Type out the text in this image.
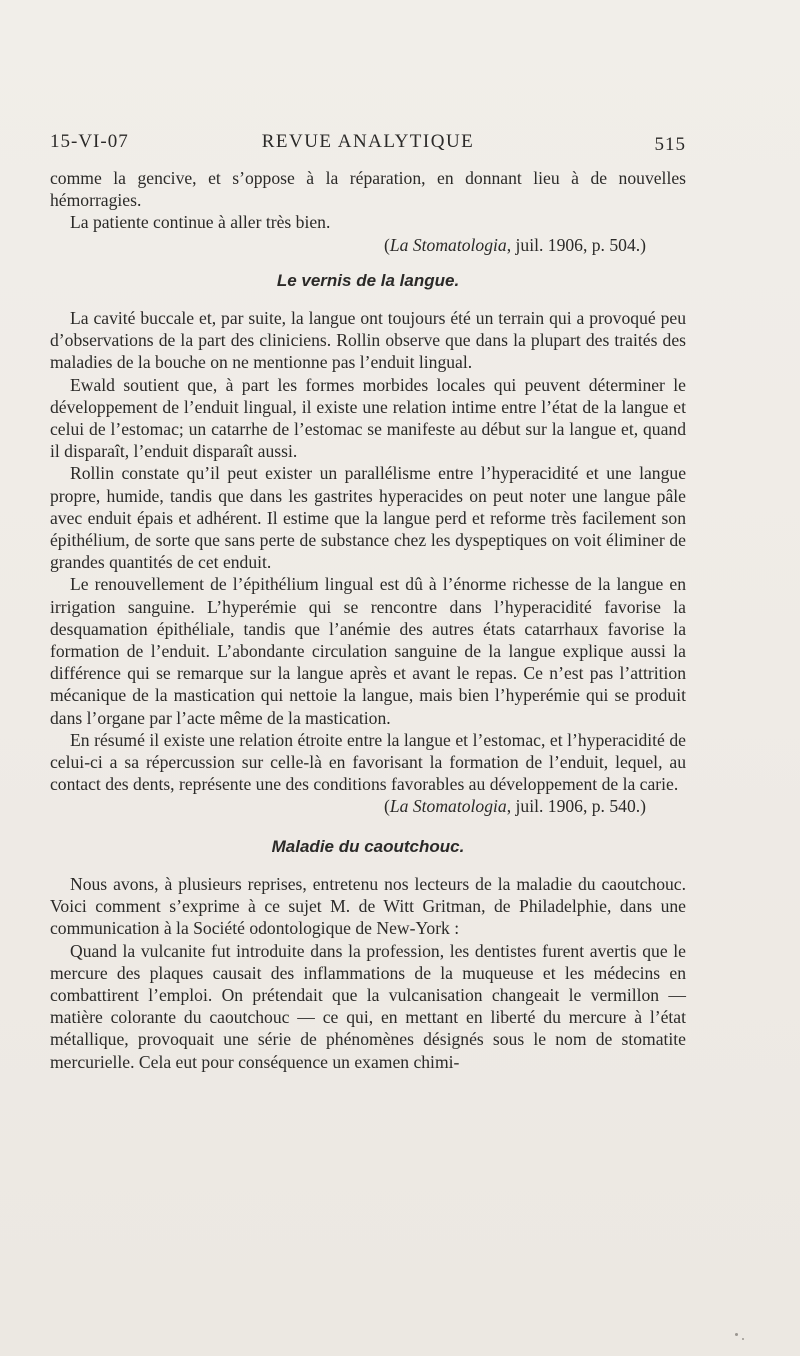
15-VI-07	REVUE ANALYTIQUE	515

comme la gencive, et s’oppose à la réparation, en donnant lieu à de nouvelles hémorragies.

La patiente continue à aller très bien.

(La Stomatologia, juil. 1906, p. 504.)

Le vernis de la langue.

La cavité buccale et, par suite, la langue ont toujours été un terrain qui a provoqué peu d’observations de la part des cliniciens. Rollin observe que dans la plupart des traités des maladies de la bouche on ne mentionne pas l’enduit lingual.

Ewald soutient que, à part les formes morbides locales qui peuvent déterminer le développement de l’enduit lingual, il existe une relation intime entre l’état de la langue et celui de l’estomac; un catarrhe de l’estomac se manifeste au début sur la langue et, quand il disparaît, l’enduit disparaît aussi.

Rollin constate qu’il peut exister un parallélisme entre l’hyperacidité et une langue propre, humide, tandis que dans les gastrites hyperacides on peut noter une langue pâle avec enduit épais et adhérent. Il estime que la langue perd et reforme très facilement son épithélium, de sorte que sans perte de substance chez les dyspeptiques on voit éliminer de grandes quantités de cet enduit.

Le renouvellement de l’épithélium lingual est dû à l’énorme richesse de la langue en irrigation sanguine. L’hyperémie qui se rencontre dans l’hyperacidité favorise la desquamation épithéliale, tandis que l’anémie des autres états catarrhaux favorise la formation de l’enduit. L’abondante circulation sanguine de la langue explique aussi la différence qui se remarque sur la langue après et avant le repas. Ce n’est pas l’attrition mécanique de la mastication qui nettoie la langue, mais bien l’hyperémie qui se produit dans l’organe par l’acte même de la mastication.

En résumé il existe une relation étroite entre la langue et l’estomac, et l’hyperacidité de celui-ci a sa répercussion sur celle-là en favorisant la formation de l’enduit, lequel, au contact des dents, représente une des conditions favorables au développement de la carie.

(La Stomatologia, juil. 1906, p. 540.)

Maladie du caoutchouc.

Nous avons, à plusieurs reprises, entretenu nos lecteurs de la maladie du caoutchouc. Voici comment s’exprime à ce sujet M. de Witt Gritman, de Philadelphie, dans une communication à la Société odontologique de New-York :

Quand la vulcanite fut introduite dans la profession, les dentistes furent avertis que le mercure des plaques causait des inflammations de la muqueuse et les médecins en combattirent l’emploi. On prétendait que la vulcanisation changeait le vermillon — matière colorante du caoutchouc — ce qui, en mettant en liberté du mercure à l’état métallique, provoquait une série de phénomènes désignés sous le nom de stomatite mercurielle. Cela eut pour conséquence un examen chimi-
